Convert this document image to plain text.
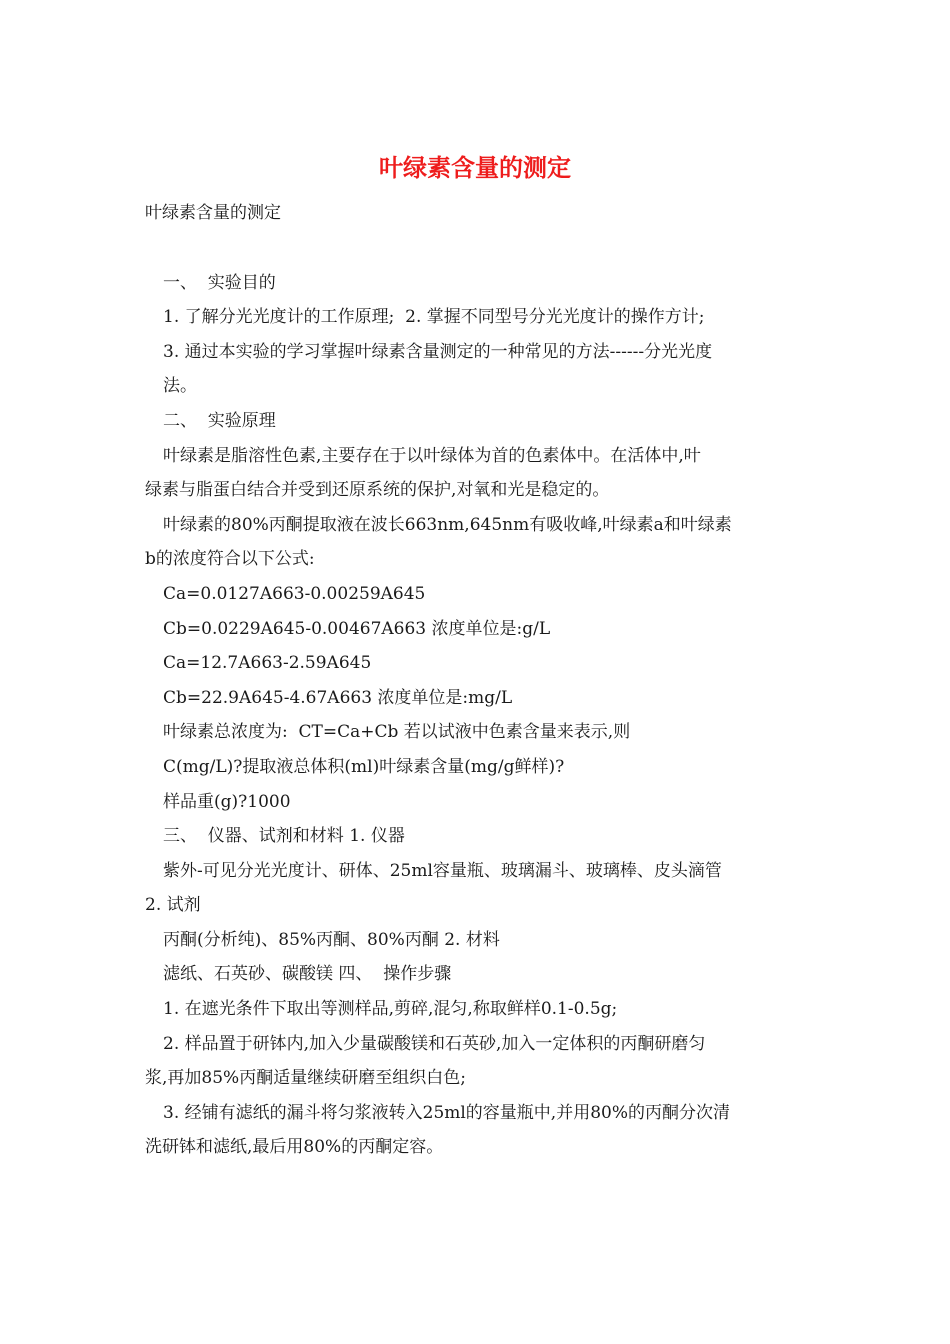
叶绿素含量的测定

叶绿素含量的测定

一、  实验目的

1. 了解分光光度计的工作原理;  2. 掌握不同型号分光光度计的操作方计;

3. 通过本实验的学习掌握叶绿素含量测定的一种常见的方法------分光光度

法。

二、  实验原理

叶绿素是脂溶性色素,主要存在于以叶绿体为首的色素体中。在活体中,叶

绿素与脂蛋白结合并受到还原系统的保护,对氧和光是稳定的。

叶绿素的80%丙酮提取液在波长663nm,645nm有吸收峰,叶绿素a和叶绿素

b的浓度符合以下公式:

Ca=0.0127A663-0.00259A645

Cb=0.0229A645-0.00467A663 浓度单位是:g/L

Ca=12.7A663-2.59A645

Cb=22.9A645-4.67A663 浓度单位是:mg/L

叶绿素总浓度为:  CT=Ca+Cb 若以试液中色素含量来表示,则

C(mg/L)?提取液总体积(ml)叶绿素含量(mg/g鲜样)?

样品重(g)?1000

三、  仪器、试剂和材料 1. 仪器

紫外-可见分光光度计、研体、25ml容量瓶、玻璃漏斗、玻璃棒、皮头滴管

2. 试剂

丙酮(分析纯)、85%丙酮、80%丙酮 2. 材料

滤纸、石英砂、碳酸镁 四、  操作步骤

1. 在遮光条件下取出等测样品,剪碎,混匀,称取鲜样0.1-0.5g;

2. 样品置于研钵内,加入少量碳酸镁和石英砂,加入一定体积的丙酮研磨匀

浆,再加85%丙酮适量继续研磨至组织白色;

3. 经铺有滤纸的漏斗将匀浆液转入25ml的容量瓶中,并用80%的丙酮分次清

洗研钵和滤纸,最后用80%的丙酮定容。
